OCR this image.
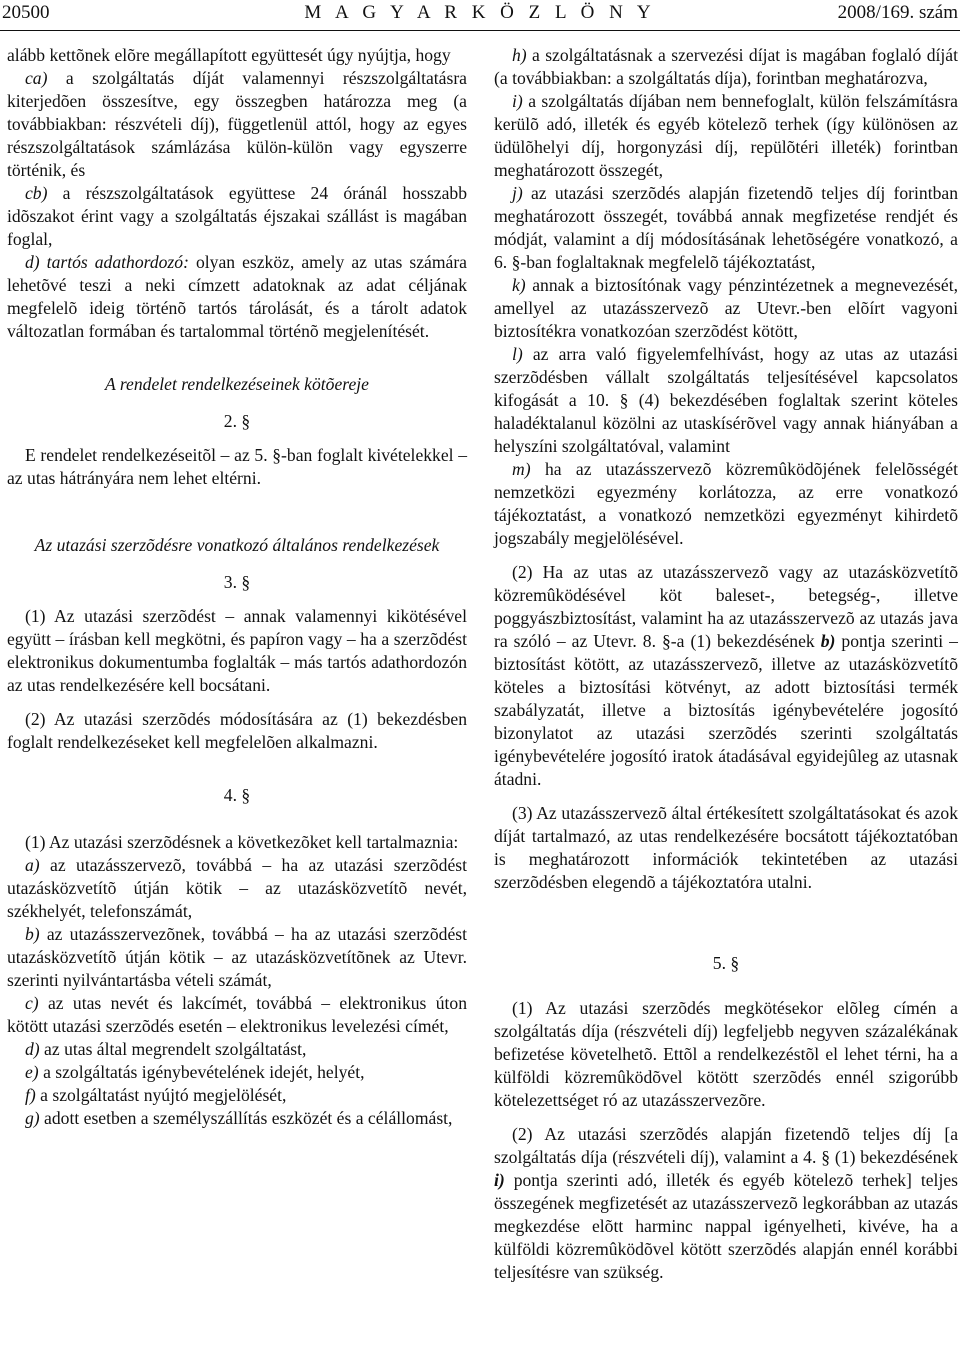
20500	M A G Y A R K Ö Z L Ö N Y	2008/169. szám

alább kettõnek elõre megállapított együttesét úgy nyújtja, hogy

ca) a szolgáltatás díját valamennyi részszolgáltatásra kiterjedõen összesítve, egy összegben határozza meg (a továbbiakban: részvételi díj), függetlenül attól, hogy az egyes részszolgáltatások számlázása külön-külön vagy egyszerre történik, és

cb) a részszolgáltatások együttese 24 óránál hosszabb idõszakot érint vagy a szolgáltatás éjszakai szállást is magában foglal,

d) tartós adathordozó: olyan eszköz, amely az utas számára lehetõvé teszi a neki címzett adatoknak az adat céljának megfelelõ ideig történõ tartós tárolását, és a tárolt adatok változatlan formában és tartalommal történõ megjelenítését.

A rendelet rendelkezéseinek kötõereje

2. §

E rendelet rendelkezéseitõl – az 5. §-ban foglalt kivételekkel – az utas hátrányára nem lehet eltérni.

Az utazási szerzõdésre vonatkozó általános rendelkezések

3. §

(1) Az utazási szerzõdést – annak valamennyi kikötésével együtt – írásban kell megkötni, és papíron vagy – ha a szerzõdést elektronikus dokumentumba foglalták – más tartós adathordozón az utas rendelkezésére kell bocsátani.

(2) Az utazási szerzõdés módosítására az (1) bekezdésben foglalt rendelkezéseket kell megfelelõen alkalmazni.

4. §

(1) Az utazási szerzõdésnek a következõket kell tartalmaznia:

a) az utazásszervezõ, továbbá – ha az utazási szerzõdést utazásközvetítõ útján kötik – az utazásközvetítõ nevét, székhelyét, telefonszámát,

b) az utazásszervezõnek, továbbá – ha az utazási szerzõdést utazásközvetítõ útján kötik – az utazásközvetítõnek az Utevr. szerinti nyilvántartásba vételi számát,

c) az utas nevét és lakcímét, továbbá – elektronikus úton kötött utazási szerzõdés esetén – elektronikus levelezési címét,

d) az utas által megrendelt szolgáltatást,

e) a szolgáltatás igénybevételének idejét, helyét,

f) a szolgáltatást nyújtó megjelölését,

g) adott esetben a személyszállítás eszközét és a célállomást,

h) a szolgáltatásnak a szervezési díjat is magában foglaló díját (a továbbiakban: a szolgáltatás díja), forintban meghatározva,

i) a szolgáltatás díjában nem bennefoglalt, külön felszámításra kerülõ adó, illeték és egyéb kötelezõ terhek (így különösen az üdülõhelyi díj, horgonyzási díj, repülõtéri illeték) forintban meghatározott összegét,

j) az utazási szerzõdés alapján fizetendõ teljes díj forintban meghatározott összegét, továbbá annak megfizetése rendjét és módját, valamint a díj módosításának lehetõségére vonatkozó, a 6. §-ban foglaltaknak megfelelõ tájékoztatást,

k) annak a biztosítónak vagy pénzintézetnek a megnevezését, amellyel az utazásszervezõ az Utevr.-ben elõírt vagyoni biztosítékra vonatkozóan szerzõdést kötött,

l) az arra való figyelemfelhívást, hogy az utas az utazási szerzõdésben vállalt szolgáltatás teljesítésével kapcsolatos kifogását a 10. § (4) bekezdésében foglaltak szerint köteles haladéktalanul közölni az utaskísérõvel vagy annak hiányában a helyszíni szolgáltatóval, valamint

m) ha az utazásszervezõ közremûködõjének felelõsségét nemzetközi egyezmény korlátozza, az erre vonatkozó tájékoztatást, a vonatkozó nemzetközi egyezményt kihirdetõ jogszabály megjelölésével.

(2) Ha az utas az utazásszervezõ vagy az utazásközvetítõ közremûködésével köt baleset-, betegség-, illetve poggyászbiztosítást, valamint ha az utazásszervezõ az utazás java ra szóló – az Utevr. 8. §-a (1) bekezdésének b) pontja szerinti – biztosítást kötött, az utazásszervezõ, illetve az utazásközvetítõ köteles a biztosítási kötvényt, az adott biztosítási termék szabályzatát, illetve a biztosítás igénybevételére jogosító bizonylatot az utazási szerzõdés szerinti szolgáltatás igénybevételére jogosító iratok átadásával egyidejûleg az utasnak átadni.

(3) Az utazásszervezõ által értékesített szolgáltatásokat és azok díját tartalmazó, az utas rendelkezésére bocsátott tájékoztatóban is meghatározott információk tekintetében az utazási szerzõdésben elegendõ a tájékoztatóra utalni.

5. §

(1) Az utazási szerzõdés megkötésekor elõleg címén a szolgáltatás díja (részvételi díj) legfeljebb negyven százalékának befizetése követelhetõ. Ettõl a rendelkezéstõl el lehet térni, ha a külföldi közremûködõvel kötött szerzõdés ennél szigorúbb kötelezettséget ró az utazásszervezõre.

(2) Az utazási szerzõdés alapján fizetendõ teljes díj [a szolgáltatás díja (részvételi díj), valamint a 4. § (1) bekezdésének i) pontja szerinti adó, illeték és egyéb kötelezõ terhek] teljes összegének megfizetését az utazásszervezõ legkorábban az utazás megkezdése elõtt harminc nappal igényelheti, kivéve, ha a külföldi közremûködõvel kötött szerzõdés alapján ennél korábbi teljesítésre van szükség.
